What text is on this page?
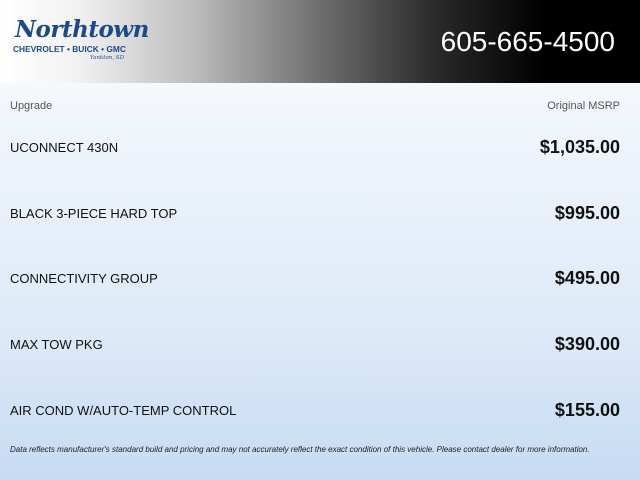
Northtown
CHEVROLET • BUICK • GMC
Yankton, SD
605-665-4500
Upgrade	Original MSRP
UCONNECT 430N	$1,035.00
BLACK 3-PIECE HARD TOP	$995.00
CONNECTIVITY GROUP	$495.00
MAX TOW PKG	$390.00
AIR COND W/AUTO-TEMP CONTROL	$155.00
Data reflects manufacturer's standard build and pricing and may not accurately reflect the exact condition of this vehicle. Please contact dealer for more information.
